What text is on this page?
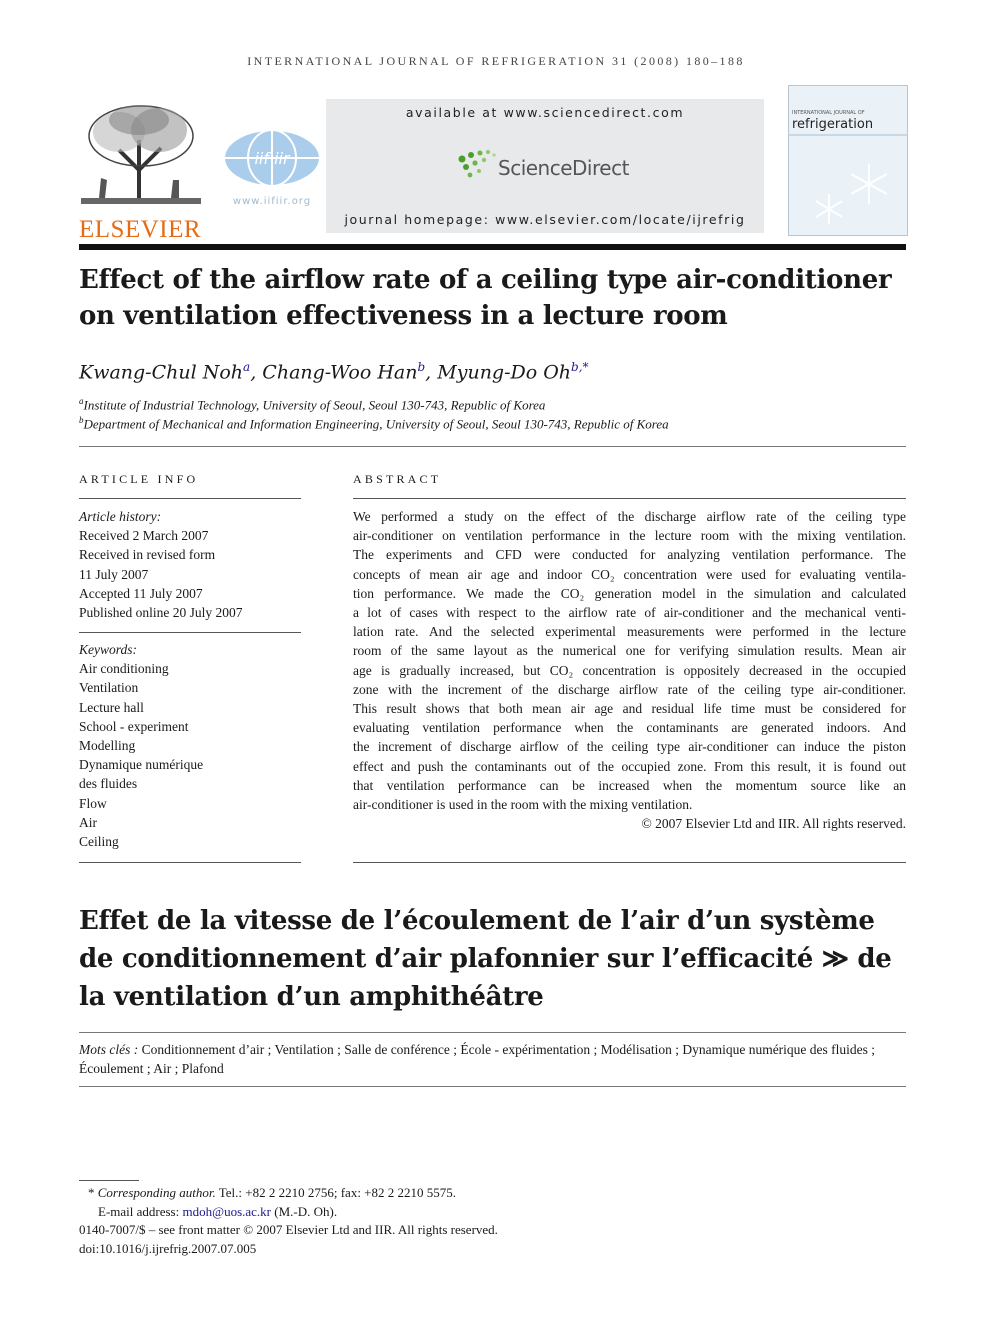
INTERNATIONAL JOURNAL OF REFRIGERATION 31 (2008) 180–188
ELSEVIER
iif iir
www.iifiir.org
available at www.sciencedirect.com
ScienceDirect
journal homepage: www.elsevier.com/locate/ijrefrig
INTERNATIONAL JOURNAL OF
refrigeration
Effect of the airflow rate of a ceiling type air-conditioner on ventilation effectiveness in a lecture room
Kwang-Chul Noh$^a$, Chang-Woo Han$^b$, Myung-Do $Oh^{b,*}$
$^a$Institute of Industrial Technology, University of Seoul, Seoul 130-743, Republic of Korea
$^b$Department of Mechanical and Information Engineering, University of Seoul, Seoul 130-743, Republic of Korea
ARTICLE INFO
Article history:
Received 2 March 2007
Received in revised form
11 July 2007
Accepted 11 July 2007
Published online 20 July 2007
Keywords:
Air conditioning
Ventilation
Lecture hall
School - experiment
Modelling
Dynamique numérique
des fluides
Flow
Air
Ceiling
ABSTRACT
We performed a study on the effect of the discharge airflow rate of the ceiling type
air-conditioner on ventilation performance in the lecture room with the mixing ventilation.
The experiments and CFD were conducted for analyzing ventilation performance. The
concepts of mean air age and indoor CO₂ concentration were used for evaluating ventila-
tion performance. We made the CO₂ generation model in the simulation and calculated
a lot of cases with respect to the airflow rate of air-conditioner and the mechanical venti-
lation rate. And the selected experimental measurements were performed in the lecture
room of the same layout as the numerical one for verifying simulation results. Mean air
age is gradually increased, but CO₂ concentration is oppositely decreased in the occupied
zone with the increment of the discharge airflow rate of the ceiling type air-conditioner.
This result shows that both mean air age and residual life time must be considered for
evaluating ventilation performance when the contaminants are generated indoors. And
the increment of discharge airflow of the ceiling type air-conditioner can induce the piston
effect and push the contaminants out of the occupied zone. From this result, it is found out
that ventilation performance can be increased when the momentum source like an
air-conditioner is used in the room with the mixing ventilation.
© 2007 Elsevier Ltd and IIR. All rights reserved.
Effet de la vitesse de l’écoulement de l’air d’un système de conditionnement d’air plafonnier sur l’efficacité ≫ de la ventilation d’un amphithéâtre
Mots clés : Conditionnement d’air ; Ventilation ; Salle de conférence ; École - expérimentation ; Modélisation ; Dynamique numérique des fluides ; Écoulement ; Air ; Plafond
* Corresponding author. Tel.: +82 2 2210 2756; fax: +82 2 2210 5575.
E-mail address: mdoh@uos.ac.kr (M.-D. Oh).
0140-7007/$ – see front matter © 2007 Elsevier Ltd and IIR. All rights reserved.
doi:10.1016/j.ijrefrig.2007.07.005
